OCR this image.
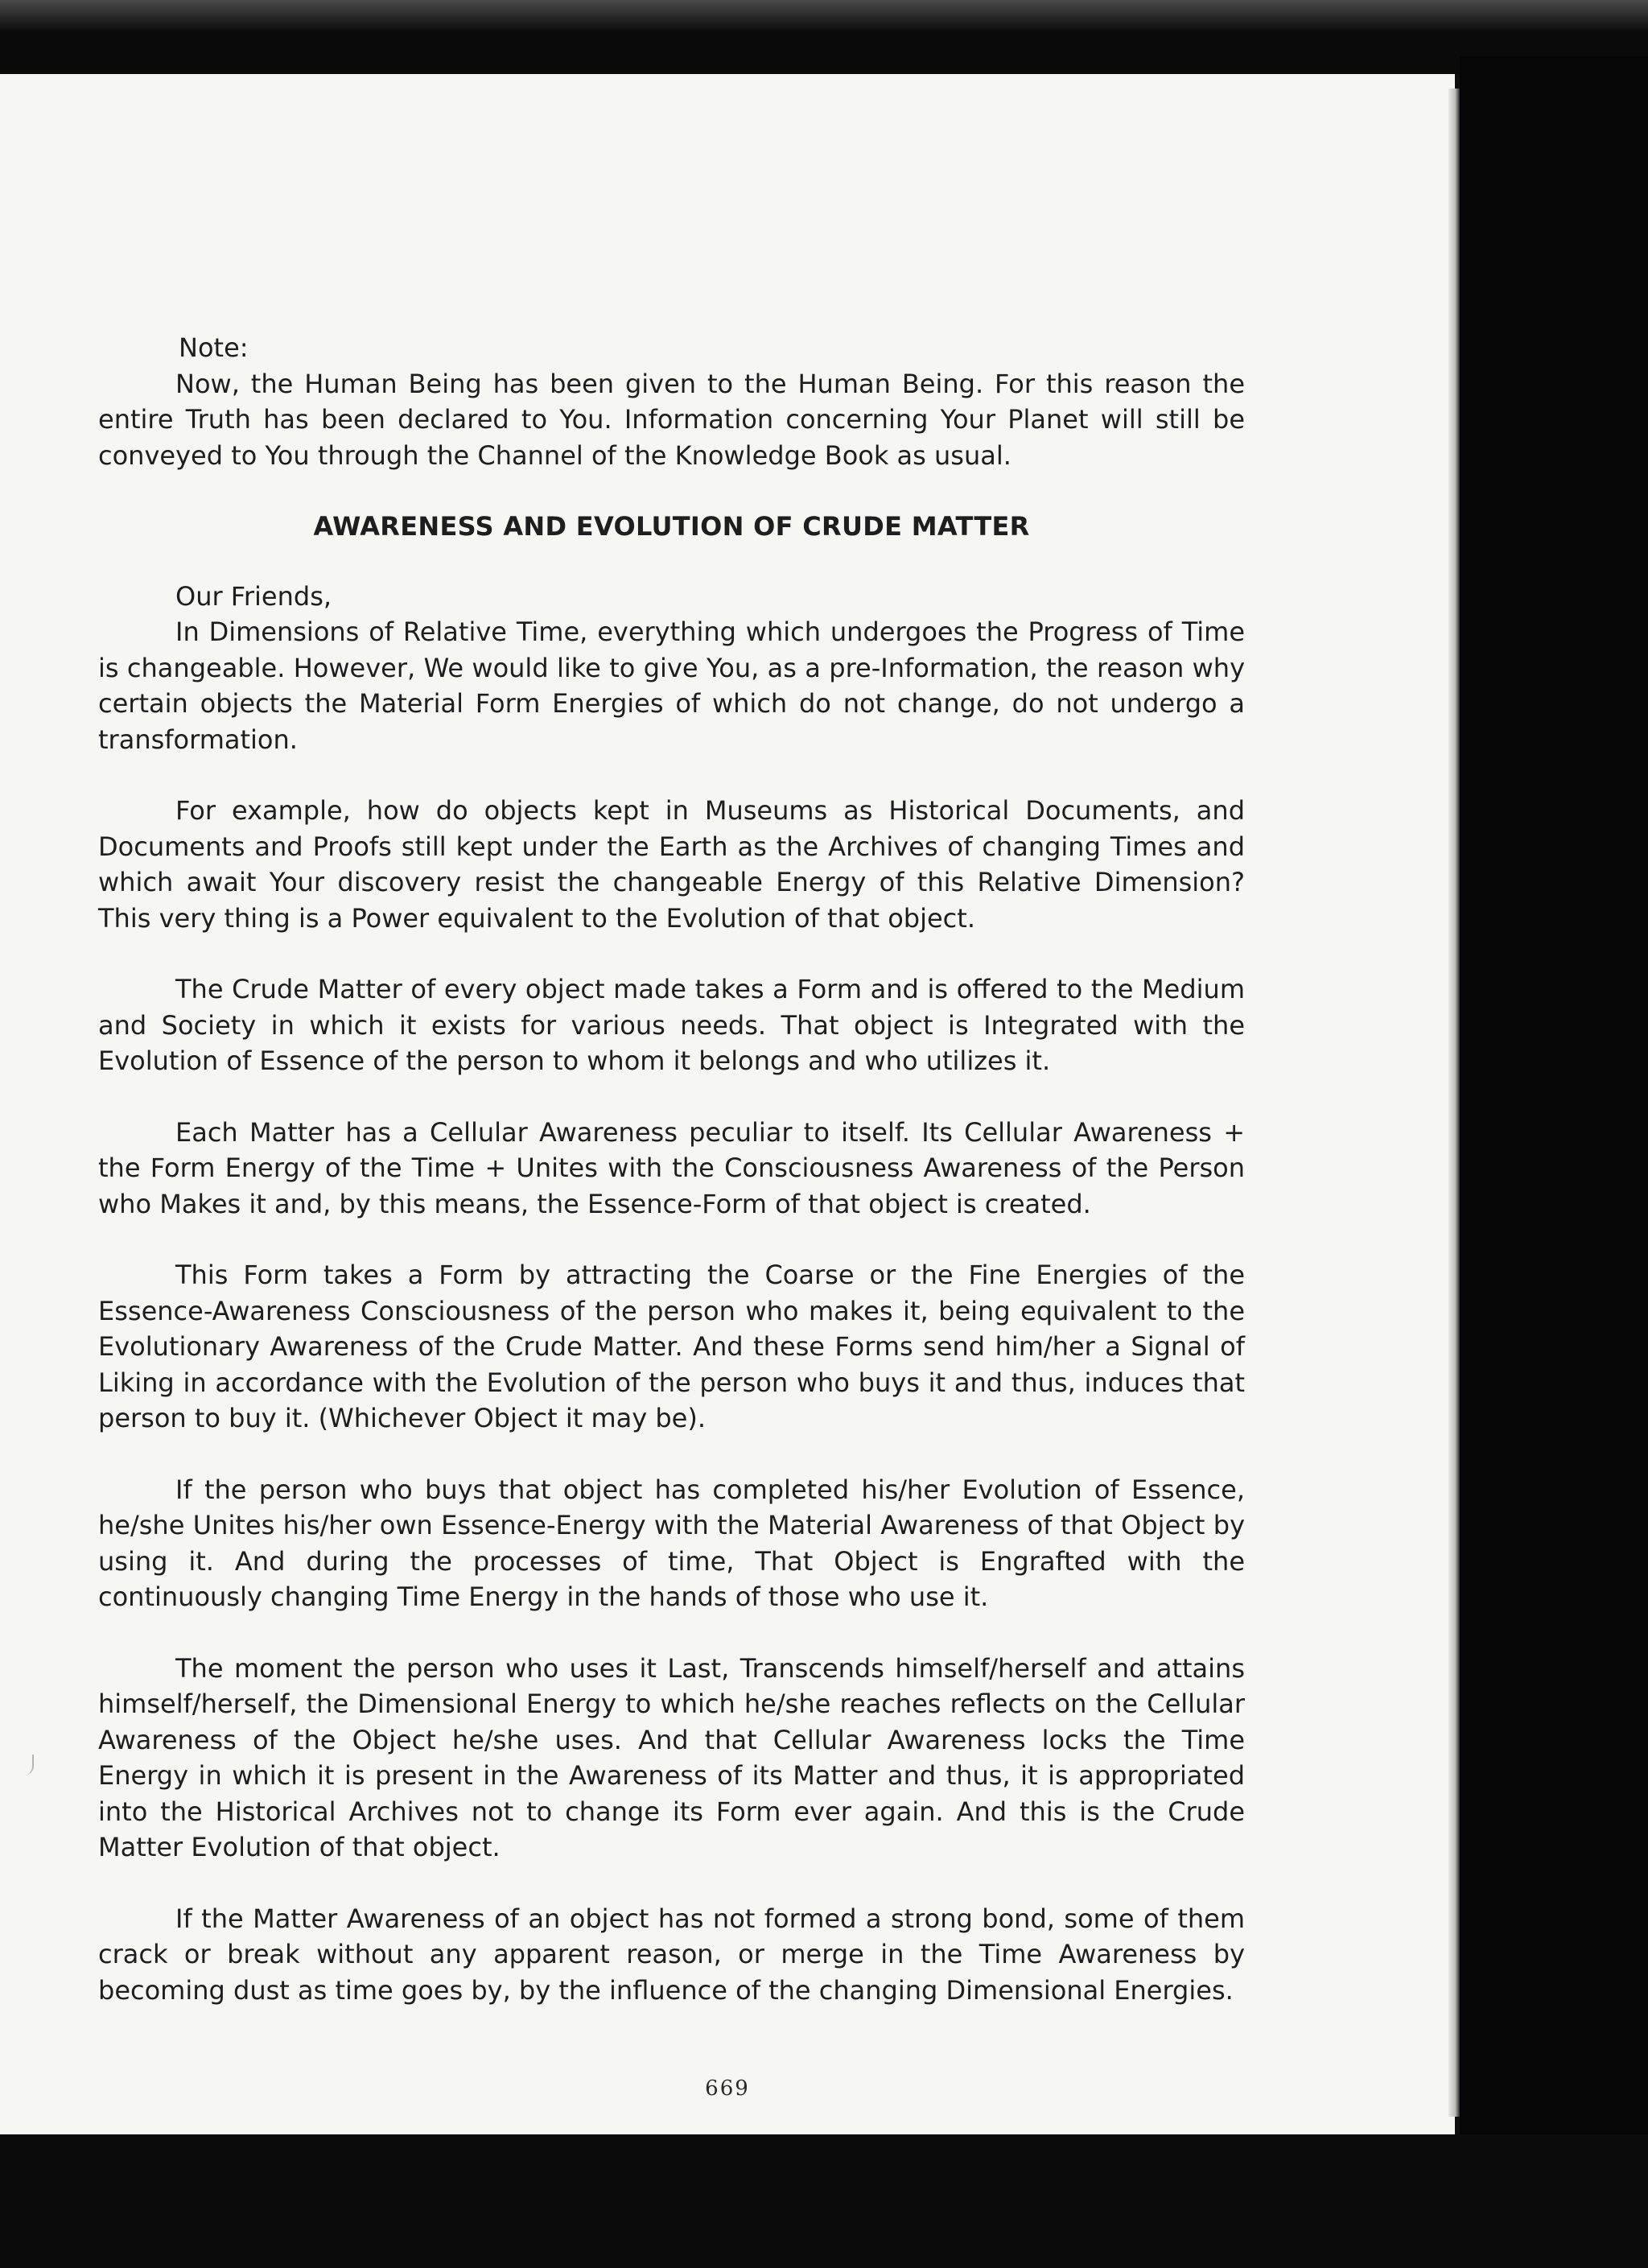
Note:

Now, the Human Being has been given to the Human Being. For this reason the entire Truth has been declared to You. Information concerning Your Planet will still be conveyed to You through the Channel of the Knowledge Book as usual.

AWARENESS AND EVOLUTION OF CRUDE MATTER
Our Friends,

In Dimensions of Relative Time, everything which undergoes the Progress of Time is changeable. However, We would like to give You, as a pre-Information, the reason why certain objects the Material Form Energies of which do not change, do not undergo a transformation.

For example, how do objects kept in Museums as Historical Documents, and Documents and Proofs still kept under the Earth as the Archives of changing Times and which await Your discovery resist the changeable Energy of this Relative Dimension? This very thing is a Power equivalent to the Evolution of that object.

The Crude Matter of every object made takes a Form and is offered to the Medium and Society in which it exists for various needs. That object is Integrated with the Evolution of Essence of the person to whom it belongs and who utilizes it.

Each Matter has a Cellular Awareness peculiar to itself. Its Cellular Awareness + the Form Energy of the Time + Unites with the Consciousness Awareness of the Person who Makes it and, by this means, the Essence-Form of that object is created.

This Form takes a Form by attracting the Coarse or the Fine Energies of the Essence-Awareness Consciousness of the person who makes it, being equivalent to the Evolutionary Awareness of the Crude Matter. And these Forms send him/her a Signal of Liking in accordance with the Evolution of the person who buys it and thus, induces that person to buy it. (Whichever Object it may be).

If the person who buys that object has completed his/her Evolution of Essence, he/she Unites his/her own Essence-Energy with the Material Awareness of that Object by using it. And during the processes of time, That Object is Engrafted with the continuously changing Time Energy in the hands of those who use it.

The moment the person who uses it Last, Transcends himself/herself and attains himself/herself, the Dimensional Energy to which he/she reaches reflects on the Cellular Awareness of the Object he/she uses. And that Cellular Awareness locks the Time Energy in which it is present in the Awareness of its Matter and thus, it is appropriated into the Historical Archives not to change its Form ever again. And this is the Crude Matter Evolution of that object.

If the Matter Awareness of an object has not formed a strong bond, some of them crack or break without any apparent reason, or merge in the Time Awareness by becoming dust as time goes by, by the influence of the changing Dimensional Energies.

669
